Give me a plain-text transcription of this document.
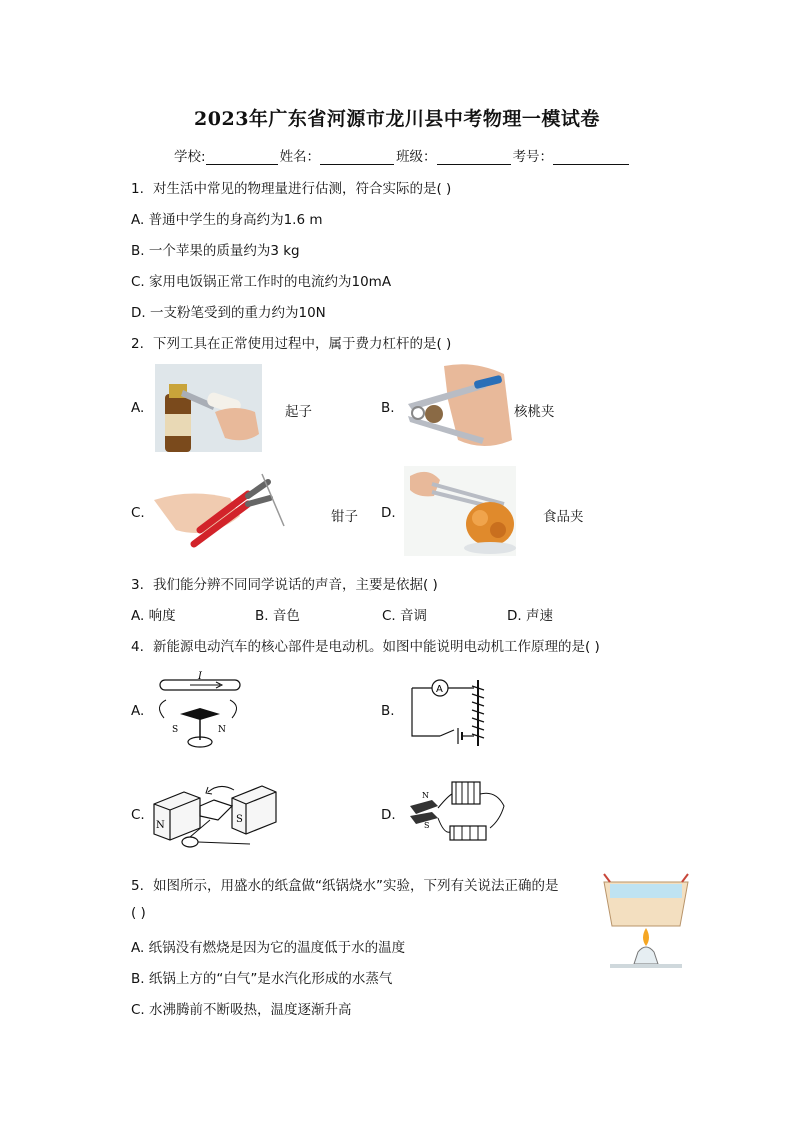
2023年广东省河源市龙川县中考物理一模试卷
学校:	姓名：	班级：	考号：
1. 对生活中常见的物理量进行估测，符合实际的是( )
A. 普通中学生的身高约为1.6 m
B. 一个苹果的质量约为3 kg
C. 家用电饭锅正常工作时的电流约为10mA
D. 一支粉笔受到的重力约为10N
2. 下列工具在正常使用过程中，属于费力杠杆的是( )
A.	起子	B.	核桃夹
C.	钳子 D.	食品夹
3. 我们能分辨不同同学说话的声音，主要是依据( )
A. 响度	B. 音色	C. 音调	D. 声速
4. 新能源电动汽车的核心部件是电动机。如图中能说明电动机工作原理的是( )
A.
I
S	N
B.
A
C.
N
S	D.
N
S
5. 如图所示，用盛水的纸盒做“纸锅烧水”实验，下列有关说法正确的是
( )
A. 纸锅没有燃烧是因为它的温度低于水的温度
B. 纸锅上方的“白气”是水汽化形成的水蒸气
C. 水沸腾前不断吸热，温度逐渐升高
